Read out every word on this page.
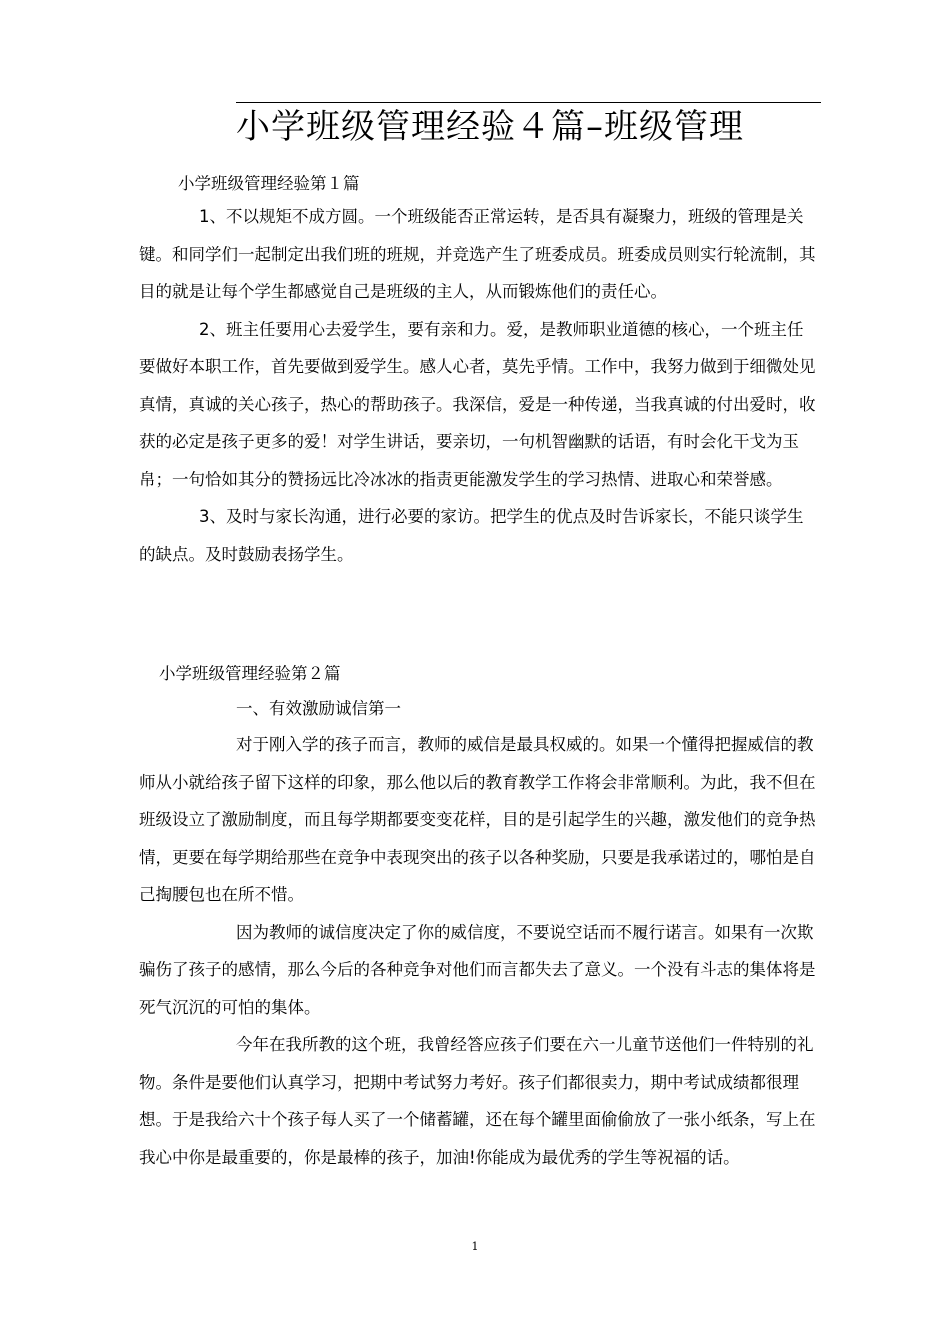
小学班级管理经验４篇–班级管理
小学班级管理经验第１篇

1、不以规矩不成方圆。一个班级能否正常运转，是否具有凝聚力，班级的管理是关键。和同学们一起制定出我们班的班规，并竞选产生了班委成员。班委成员则实行轮流制，其目的就是让每个学生都感觉自己是班级的主人，从而锻炼他们的责任心。

2、班主任要用心去爱学生，要有亲和力。爱，是教师职业道德的核心，一个班主任要做好本职工作，首先要做到爱学生。感人心者，莫先乎情。工作中，我努力做到于细微处见真情，真诚的关心孩子，热心的帮助孩子。我深信，爱是一种传递，当我真诚的付出爱时，收获的必定是孩子更多的爱！对学生讲话，要亲切，一句机智幽默的话语，有时会化干戈为玉帛；一句恰如其分的赞扬远比冷冰冰的指责更能激发学生的学习热情、进取心和荣誉感。

3、及时与家长沟通，进行必要的家访。把学生的优点及时告诉家长，不能只谈学生的缺点。及时鼓励表扬学生。

小学班级管理经验第２篇
一、有效激励诚信第一

对于刚入学的孩子而言，教师的威信是最具权威的。如果一个懂得把握威信的教师从小就给孩子留下这样的印象，那么他以后的教育教学工作将会非常顺利。为此，我不但在班级设立了激励制度，而且每学期都要变变花样，目的是引起学生的兴趣，激发他们的竞争热情，更要在每学期给那些在竞争中表现突出的孩子以各种奖励，只要是我承诺过的，哪怕是自己掏腰包也在所不惜。

因为教师的诚信度决定了你的威信度，不要说空话而不履行诺言。如果有一次欺骗伤了孩子的感情，那么今后的各种竞争对他们而言都失去了意义。一个没有斗志的集体将是死气沉沉的可怕的集体。

今年在我所教的这个班，我曾经答应孩子们要在六一儿童节送他们一件特别的礼物。条件是要他们认真学习，把期中考试努力考好。孩子们都很卖力，期中考试成绩都很理想。于是我给六十个孩子每人买了一个储蓄罐，还在每个罐里面偷偷放了一张小纸条，写上在我心中你是最重要的，你是最棒的孩子，加油!你能成为最优秀的学生等祝福的话。

1
